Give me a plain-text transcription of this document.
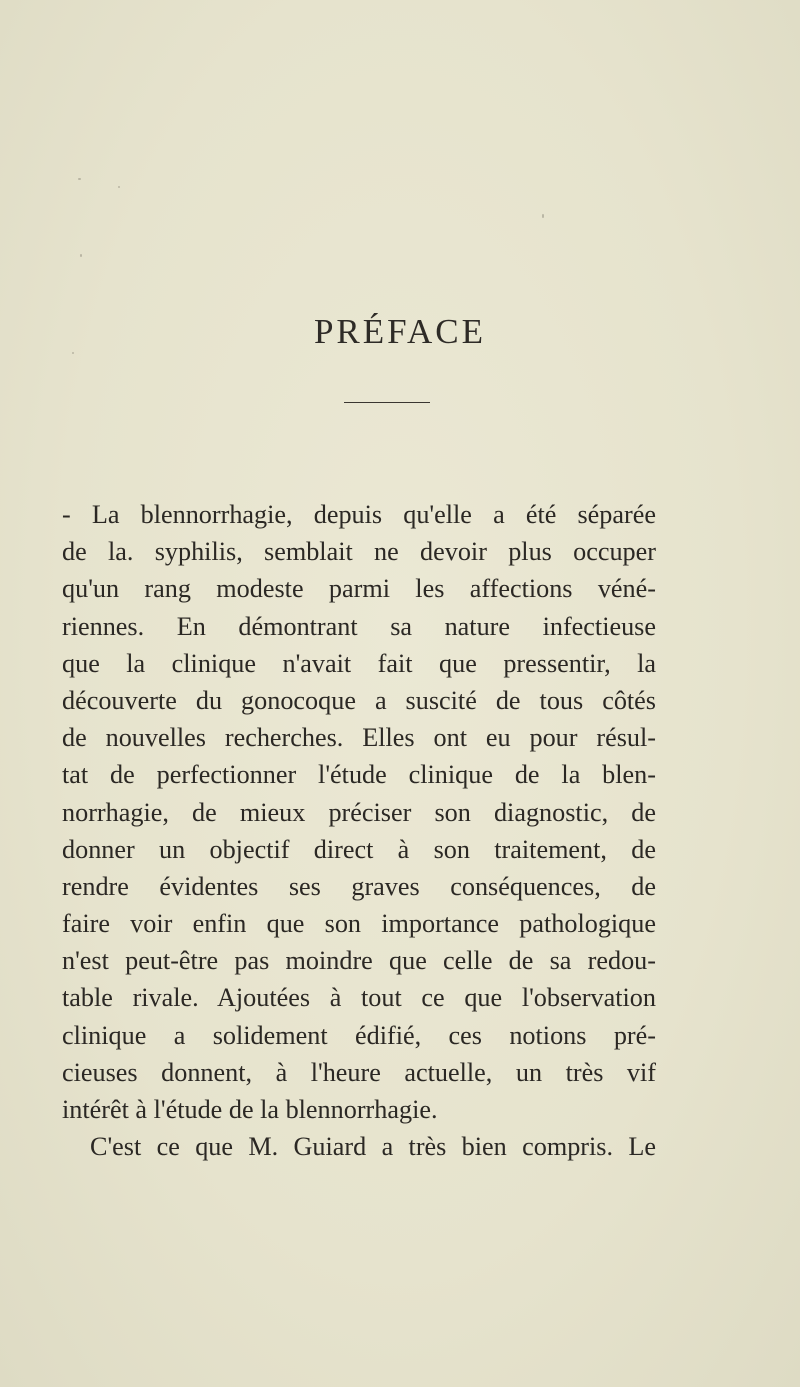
PRÉFACE
- La blennorrhagie, depuis qu'elle a été séparée
de la. syphilis, semblait ne devoir plus occuper
qu'un rang modeste parmi les affections véné-
riennes. En démontrant sa nature infectieuse
que la clinique n'avait fait que pressentir, la
découverte du gonocoque a suscité de tous côtés
de nouvelles recherches. Elles ont eu pour résul-
tat de perfectionner l'étude clinique de la blen-
norrhagie, de mieux préciser son diagnostic, de
donner un objectif direct à son traitement, de
rendre évidentes ses graves conséquences, de
faire voir enfin que son importance pathologique
n'est peut-être pas moindre que celle de sa redou-
table rivale. Ajoutées à tout ce que l'observation
clinique a solidement édifié, ces notions pré-
cieuses donnent, à l'heure actuelle, un très vif
intérêt à l'étude de la blennorrhagie.
C'est ce que M. Guiard a très bien compris. Le
